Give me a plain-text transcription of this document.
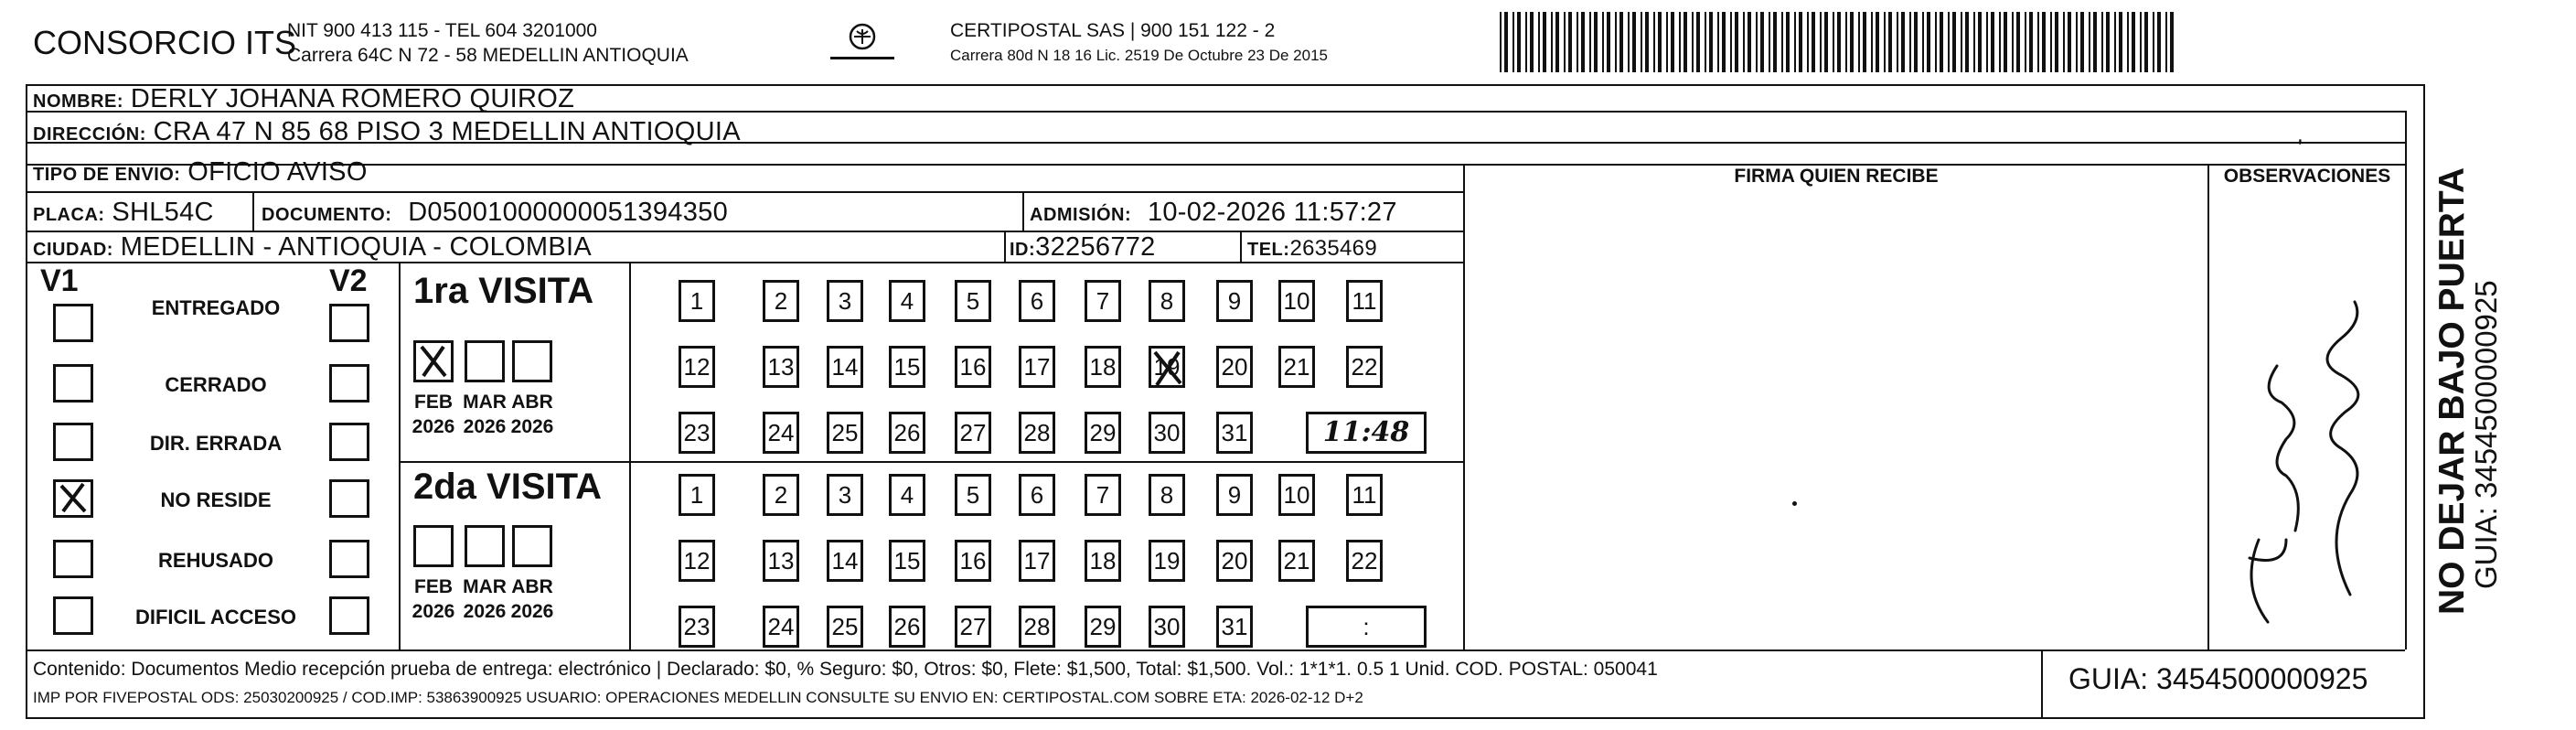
CONSORCIO ITS
NIT 900 413 115 - TEL 604 3201000
Carrera 64C N 72 - 58 MEDELLIN ANTIOQUIA
CERTIPOSTAL SAS | 900 151 122 - 2
Carrera 80d N 18 16 Lic. 2519 De Octubre 23 De 2015
NOMBRE: DERLY JOHANA ROMERO QUIROZ
DIRECCIÓN: CRA 47 N 85 68 PISO 3 MEDELLIN ANTIOQUIA	,
TIPO DE ENVIO: OFICIO AVISO	FIRMA QUIEN RECIBE	OBSERVACIONES
PLACA: SHL54C	DOCUMENTO: D05001000000051394350	ADMISIÓN: 10-02-2026 11:57:27
CIUDAD: MEDELLIN - ANTIOQUIA - COLOMBIA	ID:32256772	TEL:2635469
V1	V2
ENTREGADO
CERRADO
DIR. ERRADA
NO RESIDE
REHUSADO
DIFICIL ACCESO
1ra VISITA
FEB
2026
MAR
2026
ABR
2026
1	2	3	4	5	6	7	8	9	10 11
12 13 14 15 16 17 18 19 20 21 22
23 24 25 26 27 28 29 30 31	11:48
2da VISITA
FEB
2026
MAR
2026
ABR
2026
1	2	3	4	5	6	7	8	9	10 11
12 13 14 15 16 17 18 19 20 21 22
23 24 25 26 27 28 29 30 31	:
Contenido: Documentos Medio recepción prueba de entrega: electrónico | Declarado: $0, % Seguro: $0, Otros: $0, Flete: $1,500, Total: $1,500. Vol.: 1*1*1. 0.5 1 Unid. COD. POSTAL: 050041
IMP POR FIVEPOSTAL ODS: 25030200925 / COD.IMP: 53863900925 USUARIO: OPERACIONES MEDELLIN CONSULTE SU ENVIO EN: CERTIPOSTAL.COM SOBRE ETA: 2026-02-12 D+2
GUIA: 3454500000925
NO DEJAR BAJO PUERTA
GUIA: 3454500000925
